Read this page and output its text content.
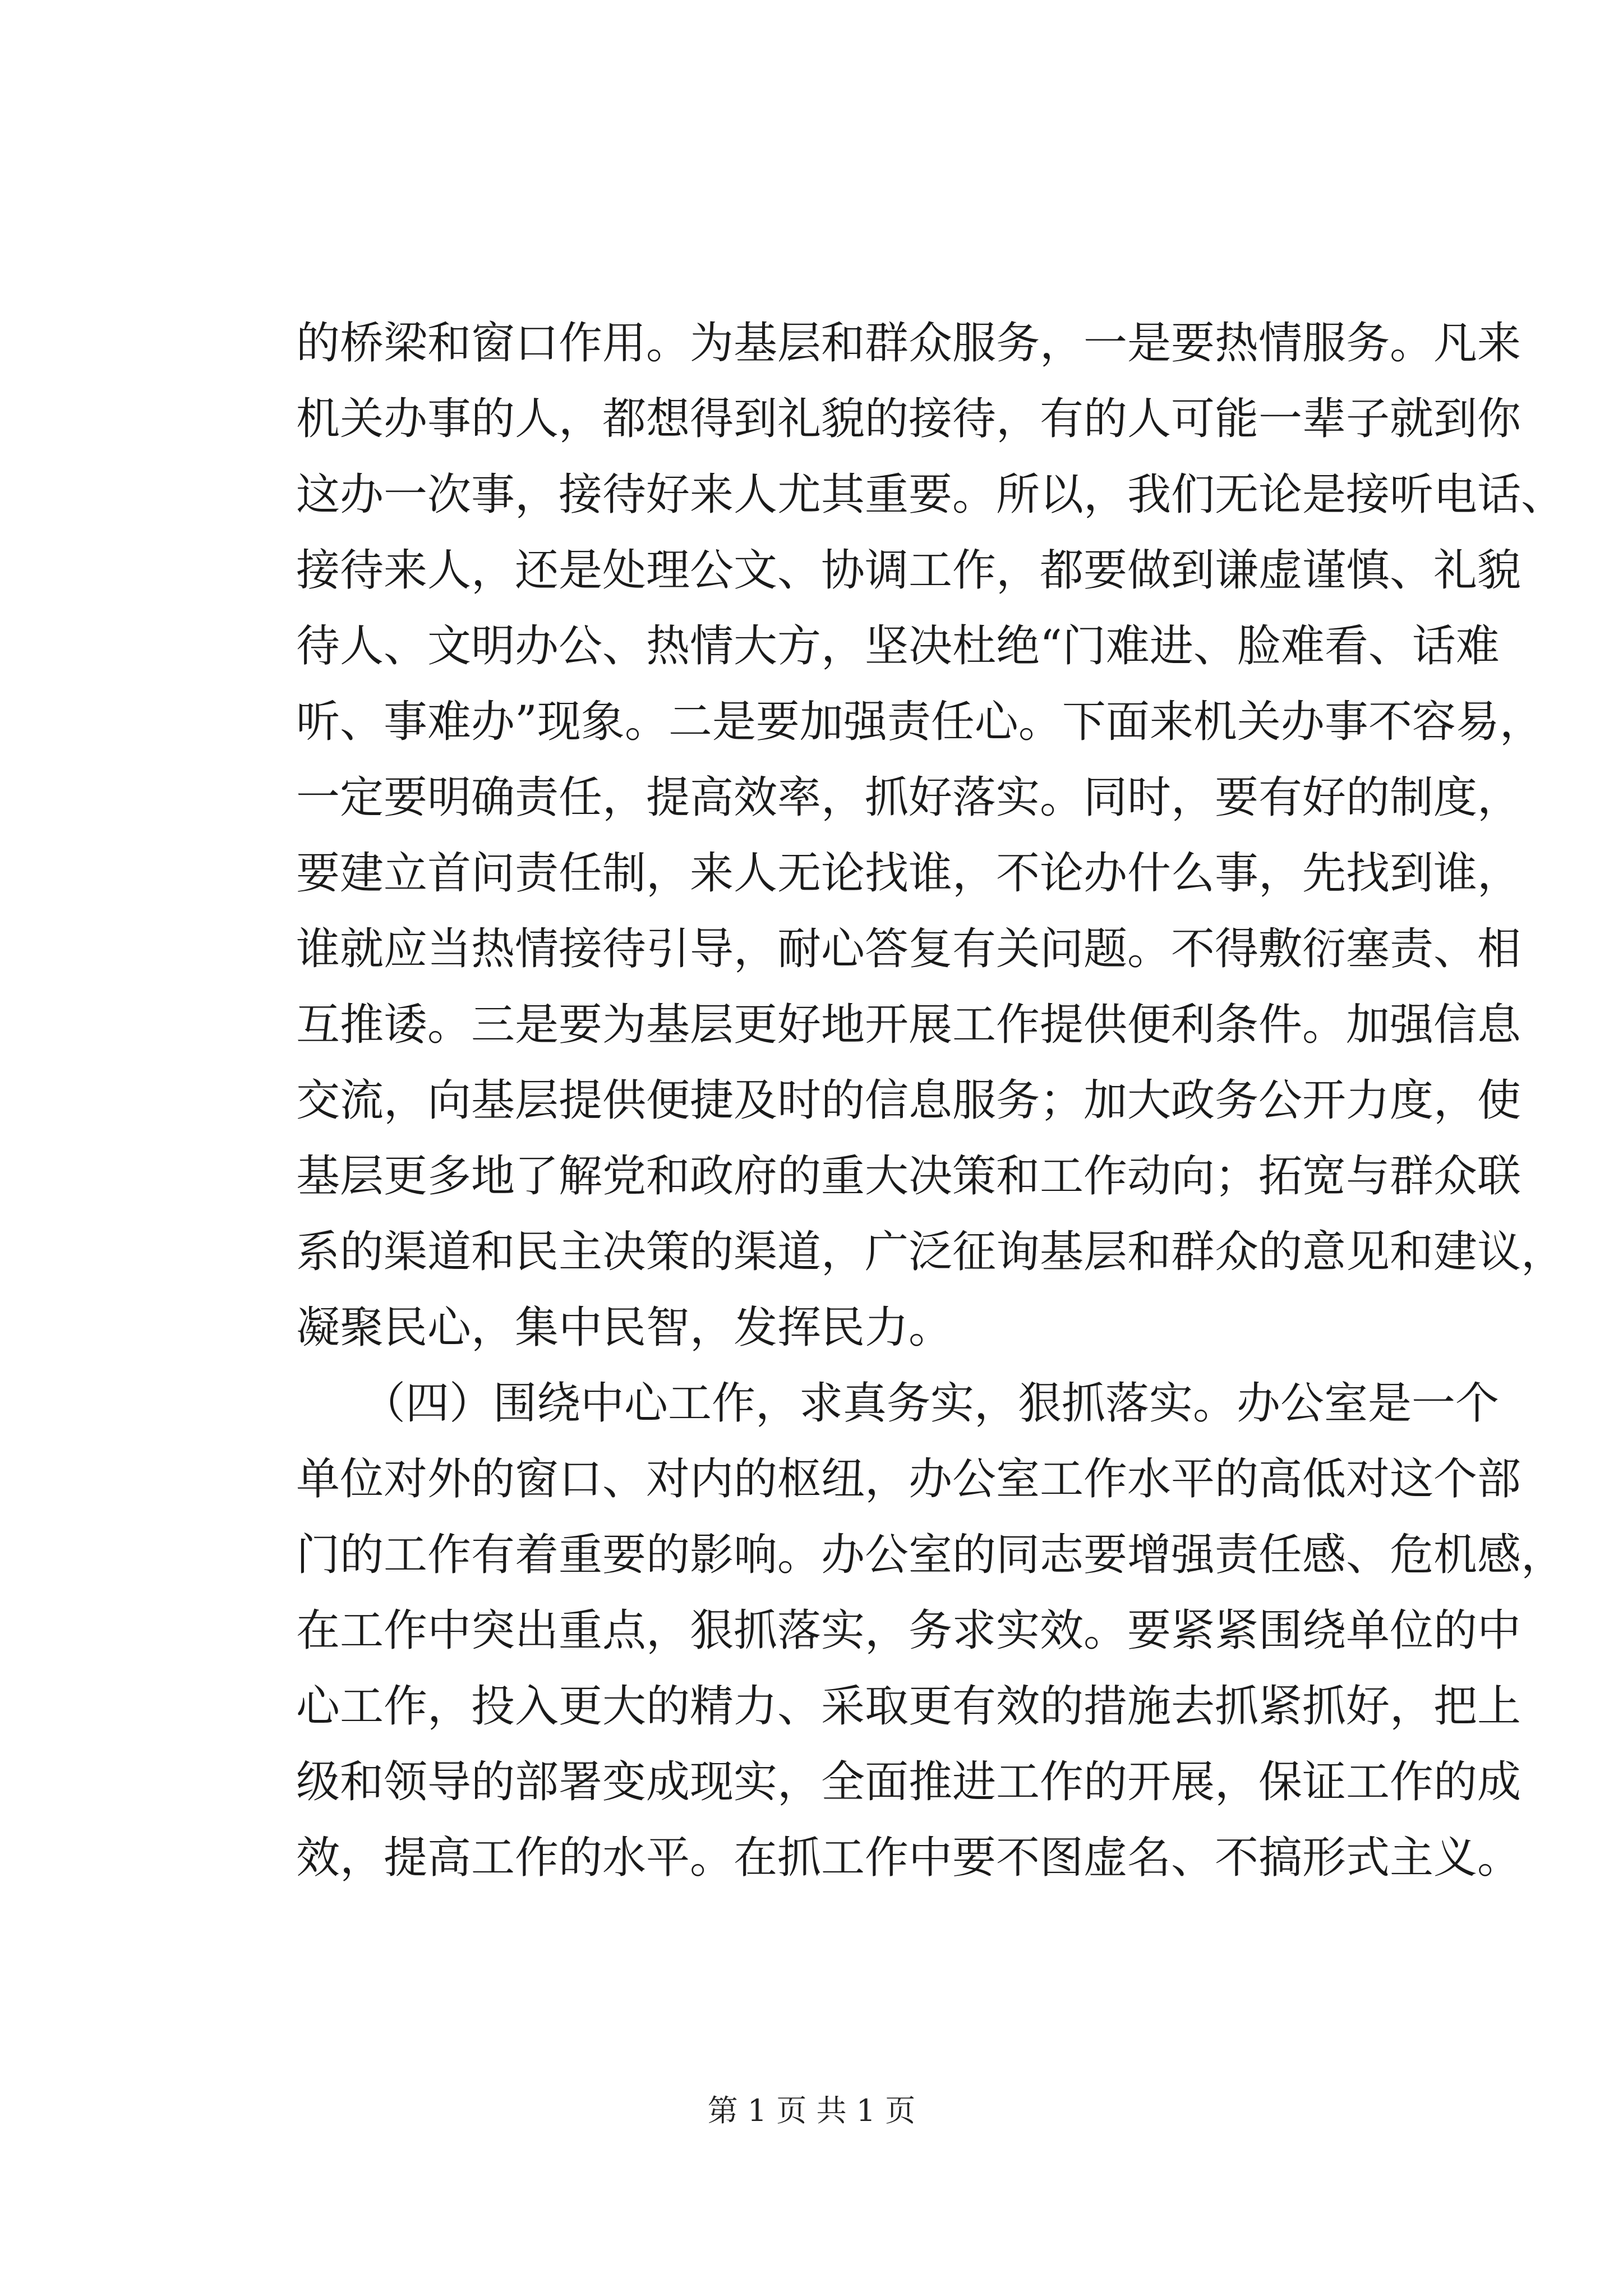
的桥梁和窗口作用。为基层和群众服务，一是要热情服务。凡来

机关办事的人，都想得到礼貌的接待，有的人可能一辈子就到你

这办一次事，接待好来人尤其重要。所以，我们无论是接听电话、

接待来人，还是处理公文、协调工作，都要做到谦虚谨慎、礼貌

待人、文明办公、热情大方，坚决杜绝“门难进、脸难看、话难

听、事难办”现象。二是要加强责任心。下面来机关办事不容易，

一定要明确责任，提高效率，抓好落实。同时，要有好的制度，

要建立首问责任制，来人无论找谁，不论办什么事，先找到谁，

谁就应当热情接待引导，耐心答复有关问题。不得敷衍塞责、相

互推诿。三是要为基层更好地开展工作提供便利条件。加强信息

交流，向基层提供便捷及时的信息服务；加大政务公开力度，使

基层更多地了解党和政府的重大决策和工作动向；拓宽与群众联

系的渠道和民主决策的渠道，广泛征询基层和群众的意见和建议，

凝聚民心，集中民智，发挥民力。

　　（四）围绕中心工作，求真务实，狠抓落实。办公室是一个

单位对外的窗口、对内的枢纽，办公室工作水平的高低对这个部

门的工作有着重要的影响。办公室的同志要增强责任感、危机感，

在工作中突出重点，狠抓落实，务求实效。要紧紧围绕单位的中

心工作，投入更大的精力、采取更有效的措施去抓紧抓好，把上

级和领导的部署变成现实，全面推进工作的开展，保证工作的成

效，提高工作的水平。在抓工作中要不图虚名、不搞形式主义。

第 1 页 共 1 页
